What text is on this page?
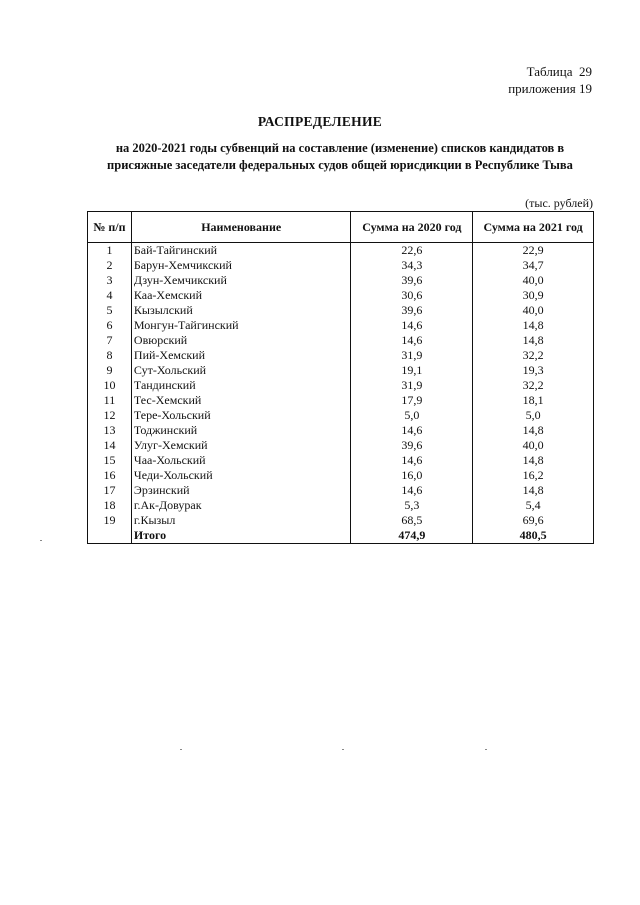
Таблица  29
приложения 19
РАСПРЕДЕЛЕНИЕ
на 2020-2021 годы субвенций на составление (изменение) списков кандидатов в
присяжные заседатели федеральных судов общей юрисдикции в Республике Тыва
(тыс. рублей)
№ п/п	Наименование	Сумма на 2020 год	Сумма на 2021 год
1	Бай-Тайгинский	22,6	22,9
2	Барун-Хемчикский	34,3	34,7
3	Дзун-Хемчикский	39,6	40,0
4	Каа-Хемский	30,6	30,9
5	Кызылский	39,6	40,0
6	Монгун-Тайгинский	14,6	14,8
7	Овюрский	14,6	14,8
8	Пий-Хемский	31,9	32,2
9	Сут-Хольский	19,1	19,3
10	Тандинский	31,9	32,2
11	Тес-Хемский	17,9	18,1
12	Тере-Хольский	5,0	5,0
13	Тоджинский	14,6	14,8
14	Улуг-Хемский	39,6	40,0
15	Чаа-Хольский	14,6	14,8
16	Чеди-Хольский	16,0	16,2
17	Эрзинский	14,6	14,8
18	г.Ак-Довурак	5,3	5,4
19	г.Кызыл	68,5	69,6
	Итого	474,9	480,5
